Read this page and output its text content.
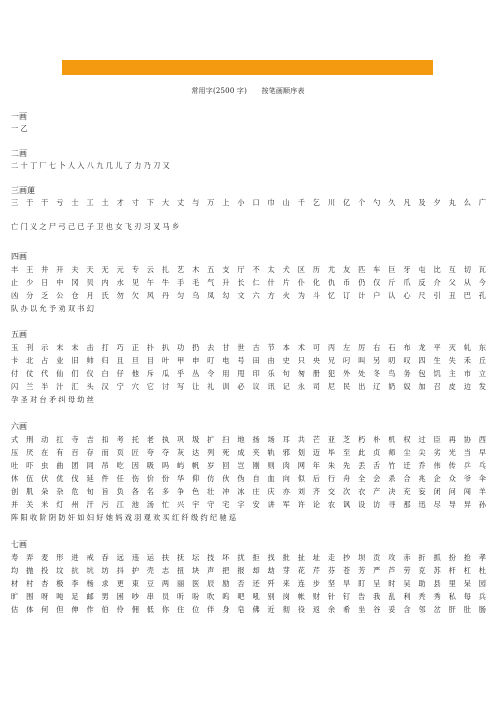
常用字(2500 字)　　按笔画顺序表
一画
一 乙
二画
二 十 丁 厂 七 卜 人 入 八 九 几 儿 了 力 乃 刀 又
三画蓮
三 于 干 亏 士 工 土 才 寸 下 大 丈 与 万 上 小 口 巾 山 千 乞 川 亿 个 勺 久 凡 及 夕 丸 么 广
亡 门 义 之 尸 弓 己 已 子 卫 也 女 飞 刃 习 叉 马 乡
四画
丰 王 井 开 夫 天 无 元 专 云 扎 艺 木 五 支 厅 不 太 犬 区 历 尤 友 匹 车 巨 牙 屯 比 互 切 瓦
止 少 日 中 冈 贝 内 水 见 午 牛 手 毛 气 升 长 仁 什 片 仆 化 仇 币 仍 仅 斤 爪 反 介 父 从 今
凶 分 乏 公 仓 月 氏 勿 欠 风 丹 匀 乌 凤 勾 文 六 方 火 为 斗 忆 订 计 户 认 心 尺 引 丑 巴 孔
队 办 以 允 予 劝 双 书 幻
五画
玉 刊 示 末 未 击 打 巧 正 扑 扒 功 扔 去 甘 世 古 节 本 术 可 丙 左 厉 右 石 布 龙 平 灭 轧 东
卡 北 占 业 旧 帅 归 且 旦 目 叶 甲 申 叮 电 号 田 由 史 只 央 兄 叼 叫 另 叨 叹 四 生 失 禾 丘
付 仗 代 仙 们 仪 白 仔 他 斥 瓜 乎 丛 令 用 甩 印 乐 句 匆 册 犯 外 处 冬 鸟 务 包 饥 主 市 立
闪 兰 半 汁 汇 头 汉 宁 穴 它 讨 写 让 礼 训 必 议 讯 记 永 司 尼 民 出 辽 奶 奴 加 召 皮 边 发
孕 圣 对 台 矛 纠 母 幼 丝
六画
式 刑 动 扛 寺 吉 扣 考 托 老 执 巩 圾 扩 扫 地 扬 场 耳 共 芒 亚 芝 朽 朴 机 权 过 臣 再 协 西
压 厌 在 有 百 存 而 页 匠 夸 夺 灰 达 列 死 成 夹 轨 邪 划 迈 毕 至 此 贞 师 尘 尖 劣 光 当 早
吐 吓 虫 曲 团 同 吊 吃 因 吸 吗 屿 帆 岁 回 岂 刚 则 肉 网 年 朱 先 丢 舌 竹 迁 乔 伟 传 乒 乓
休 伍 伏 优 伐 延 件 任 伤 价 份 华 仰 仿 伙 伪 自 血 向 似 后 行 舟 全 会 杀 合 兆 企 众 爷 伞
创 肌 朵 杂 危 旬 旨 负 各 名 多 争 色 壮 冲 冰 庄 庆 亦 刘 齐 交 次 衣 产 决 充 妄 闭 问 闯 羊
并 关 米 灯 州 汗 污 江 池 汤 忙 兴 宇 守 宅 字 安 讲 军 许 论 农 讽 设 访 寻 那 迅 尽 导 异 孙
阵 阳 收 阶 阴 防 奸 如 妇 好 她 妈 戏 羽 观 欢 买 红 纤 级 约 纪 驰 巡
七画
寿 弄 麦 形 进 戒 吞 远 违 运 扶 抚 坛 技 坏 扰 拒 找 批 扯 址 走 抄 坝 贡 攻 赤 折 抓 扮 抢 孝
均 抛 投 坟 抗 坑 坊 抖 护 壳 志 扭 块 声 把 报 却 劫 芽 花 芹 芬 苍 芳 严 芦 劳 克 苏 杆 杠 杜
材 村 杏 极 李 杨 求 更 束 豆 两 丽 医 辰 励 否 还 歼 来 连 步 坚 旱 盯 呈 时 吴 助 县 里 呆 园
旷 围 呀 吨 足 邮 男 困 吵 串 员 听 吩 吹 呜 吧 吼 别 岗 帐 财 针 钉 告 我 乱 利 秃 秀 私 每 兵
估 体 何 但 伸 作 伯 伶 佣 低 你 住 位 伴 身 皂 佛 近 彻 役 返 余 希 坐 谷 妥 含 邻 岔 肝 肚 肠
